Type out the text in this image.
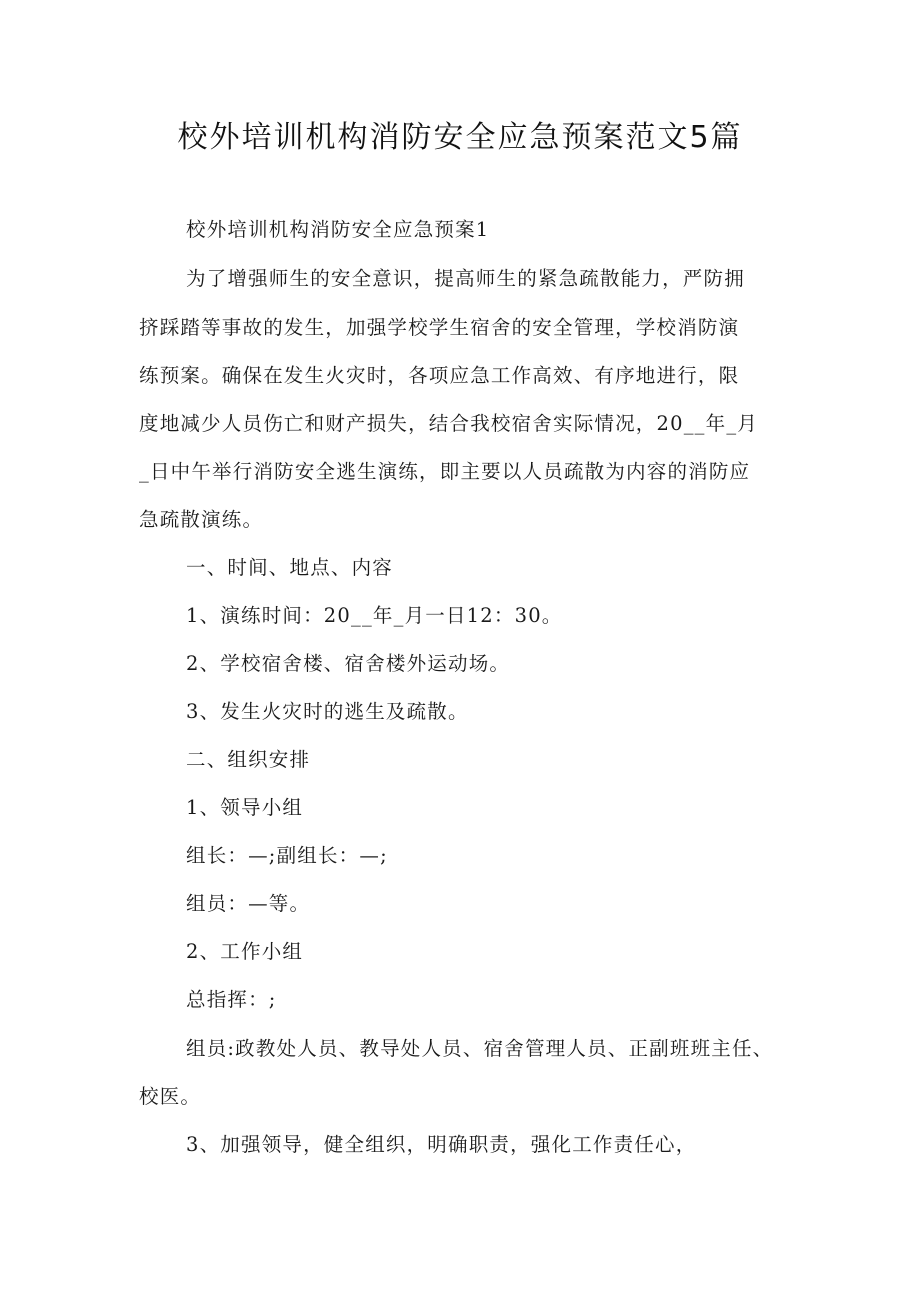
校外培训机构消防安全应急预案范文5篇

校外培训机构消防安全应急预案1

为了增强师生的安全意识，提高师生的紧急疏散能力，严防拥

挤踩踏等事故的发生，加强学校学生宿舍的安全管理，学校消防演

练预案。确保在发生火灾时，各项应急工作高效、有序地进行，限

度地减少人员伤亡和财产损失，结合我校宿舍实际情况，20__年_月

_日中午举行消防安全逃生演练，即主要以人员疏散为内容的消防应

急疏散演练。

一、时间、地点、内容

1、演练时间：20__年_月一日12：30。

2、学校宿舍楼、宿舍楼外运动场。

3、发生火灾时的逃生及疏散。

二、组织安排

1、领导小组

组长：—;副组长：—;

组员：—等。

2、工作小组

总指挥：;

组员:政教处人员、教导处人员、宿舍管理人员、正副班班主任、

校医。

3、加强领导，健全组织，明确职责，强化工作责任心，
